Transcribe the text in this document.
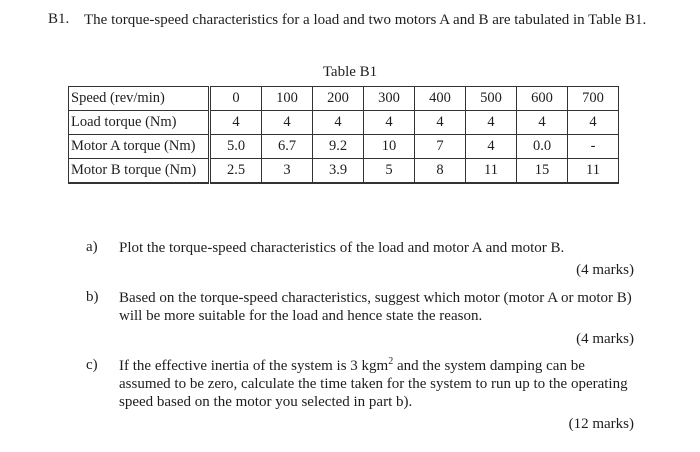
B1. The torque-speed characteristics for a load and two motors A and B are tabulated in Table B1.
Table B1
Speed (rev/min)	0	100	200	300	400	500	600	700
Load torque (Nm)	4	4	4	4	4	4	4	4
Motor A torque (Nm)	5.0	6.7	9.2	10	7	4	0.0	-
Motor B torque (Nm)	2.5	3	3.9	5	8	11	15	11
a) Plot the torque-speed characteristics of the load and motor A and motor B.
(4 marks)
b) Based on the torque-speed characteristics, suggest which motor (motor A or motor B) will be more suitable for the load and hence state the reason.
(4 marks)
c) If the effective inertia of the system is 3 kgm$^2$ and the system damping can be assumed to be zero, calculate the time taken for the system to run up to the operating speed based on the motor you selected in part b).
(12 marks)
